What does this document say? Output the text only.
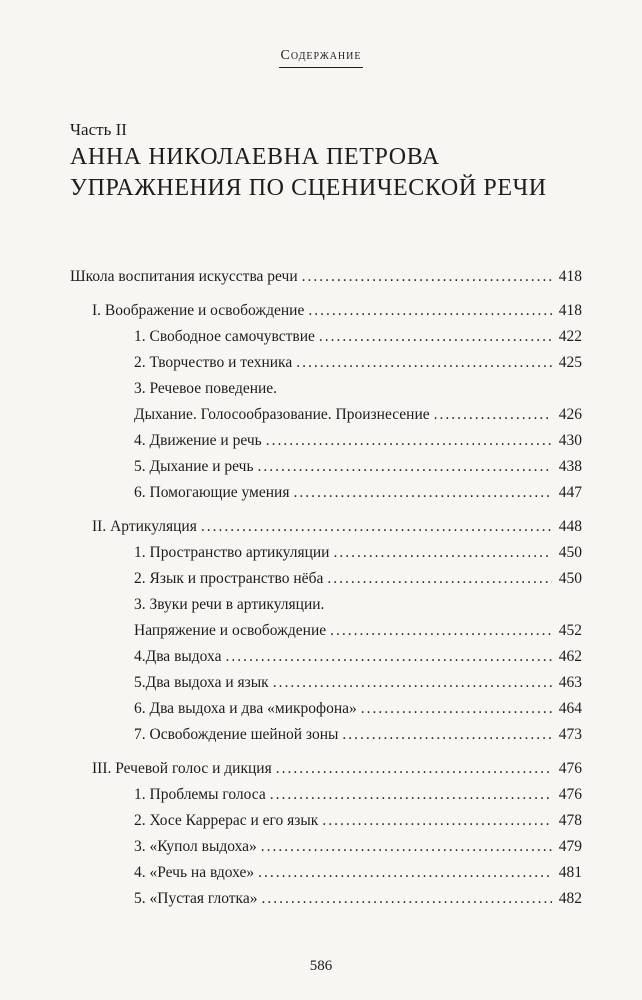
Содержание
Часть II
АННА НИКОЛАЕВНА ПЕТРОВА
УПРАЖНЕНИЯ ПО СЦЕНИЧЕСКОЙ РЕЧИ
Школа воспитания искусства речи .....	418
I. Воображение и освобождение .....	418
1. Свободное самочувствие .....	422
2. Творчество и техника .....	425
3. Речевое поведение.
Дыхание. Голосообразование. Произнесение .....	426
4. Движение и речь .....	430
5. Дыхание и речь .....	438
6. Помогающие умения .....	447
II. Артикуляция .....	448
1. Пространство артикуляции .....	450
2. Язык и пространство нёба .....	450
3. Звуки речи в артикуляции.
Напряжение и освобождение .....	452
4.Два выдоха .....	462
5.Два выдоха и язык .....	463
6. Два выдоха и два «микрофона» .....	464
7. Освобождение шейной зоны .....	473
III. Речевой голос и дикция .....	476
1. Проблемы голоса .....	476
2. Хосе Каррерас и его язык .....	478
3. «Купол выдоха» .....	479
4. «Речь на вдохе» .....	481
5. «Пустая глотка» .....	482
586
